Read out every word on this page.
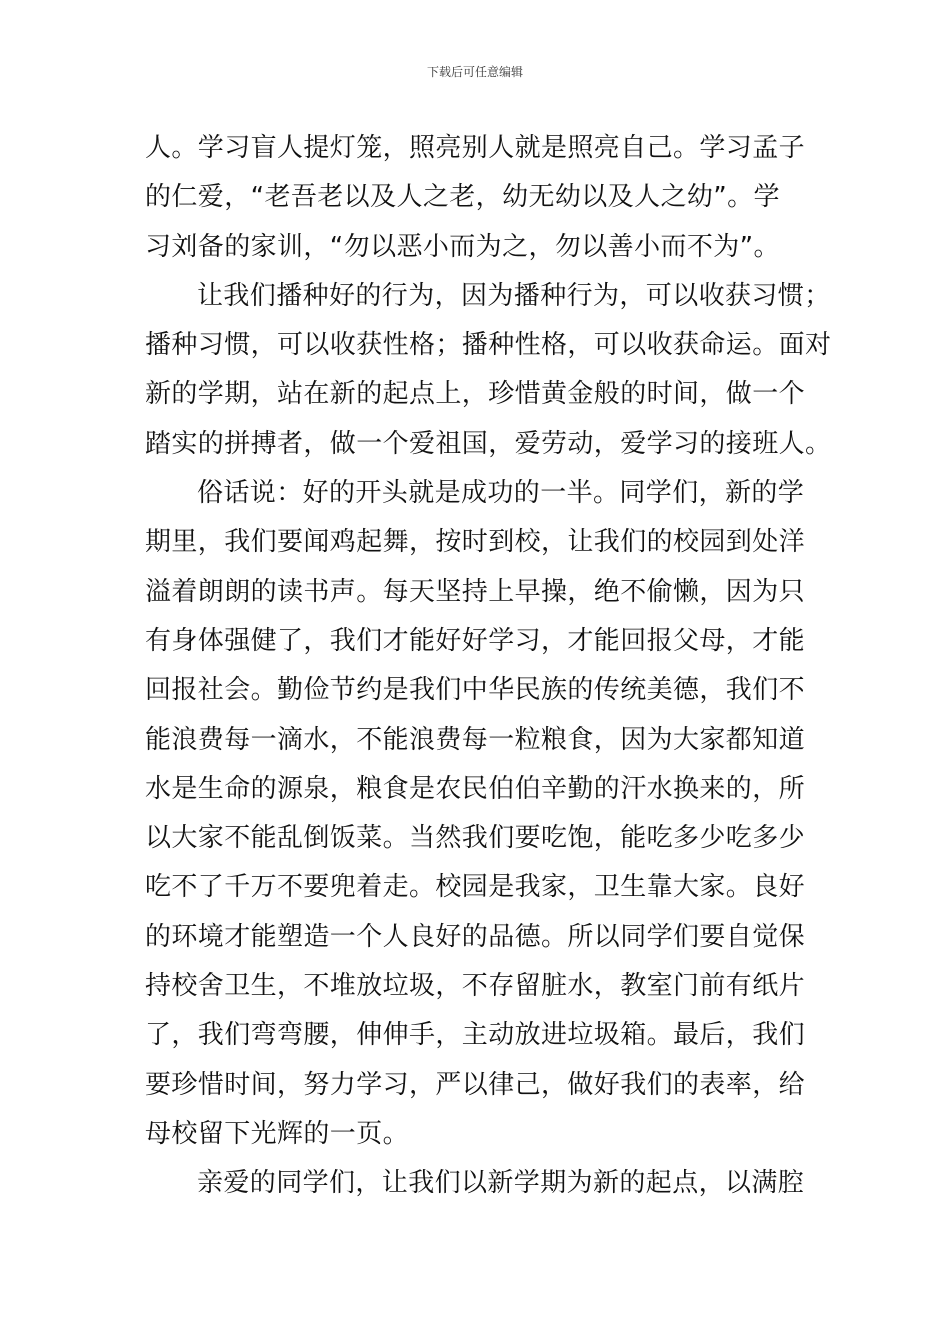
下载后可任意编辑
人。学习盲人提灯笼，照亮别人就是照亮自己。学习孟子
的仁爱，“老吾老以及人之老，幼无幼以及人之幼”。学
习刘备的家训，“勿以恶小而为之，勿以善小而不为”。
让我们播种好的行为，因为播种行为，可以收获习惯；
播种习惯，可以收获性格；播种性格，可以收获命运。面对
新的学期，站在新的起点上，珍惜黄金般的时间，做一个
踏实的拼搏者，做一个爱祖国，爱劳动，爱学习的接班人。
俗话说：好的开头就是成功的一半。同学们，新的学
期里，我们要闻鸡起舞，按时到校，让我们的校园到处洋
溢着朗朗的读书声。每天坚持上早操，绝不偷懒，因为只
有身体强健了，我们才能好好学习，才能回报父母，才能
回报社会。勤俭节约是我们中华民族的传统美德，我们不
能浪费每一滴水，不能浪费每一粒粮食，因为大家都知道
水是生命的源泉，粮食是农民伯伯辛勤的汗水换来的，所
以大家不能乱倒饭菜。当然我们要吃饱，能吃多少吃多少
吃不了千万不要兜着走。校园是我家，卫生靠大家。良好
的环境才能塑造一个人良好的品德。所以同学们要自觉保
持校舍卫生，不堆放垃圾，不存留脏水，教室门前有纸片
了，我们弯弯腰，伸伸手，主动放进垃圾箱。最后，我们
要珍惜时间，努力学习，严以律己，做好我们的表率，给
母校留下光辉的一页。
亲爱的同学们，让我们以新学期为新的起点，以满腔
